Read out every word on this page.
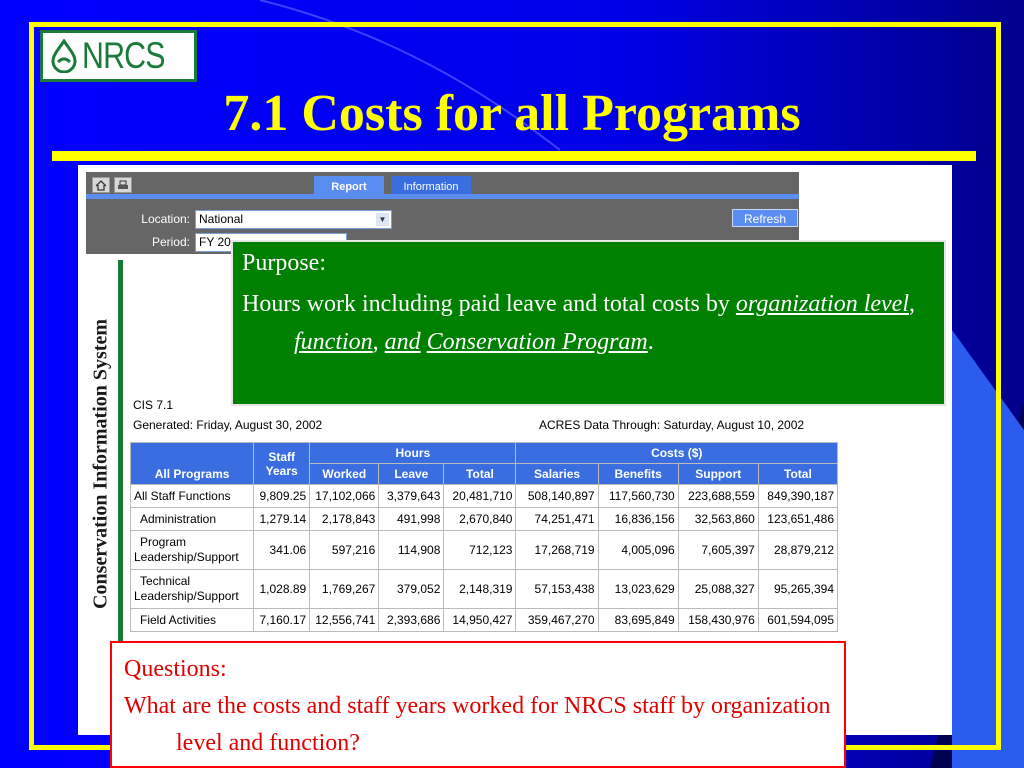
NRCS
7.1 Costs for all Programs
Report	Information
Location: National	▼
Period: FY 20
Refresh
Conservation Information System CIS 7.1
Generated: Friday, August 30, 2002	ACRES Data Through: Saturday, August 10, 2002
All Programs	Staff
Years	Hours			Costs ($)			
		Worked	Leave	Total	Salaries	Benefits	Support	Total
All Staff Functions	9,809.25	17,102,066	3,379,643	20,481,710	508,140,897	117,560,730	223,688,559	849,390,187
Administration	1,279.14	2,178,843	491,998	2,670,840	74,251,471	16,836,156	32,563,860	123,651,486
Program
Leadership/Support	341.06	597,216	114,908	712,123	17,268,719	4,005,096	7,605,397	28,879,212
Technical
Leadership/Support	1,028.89	1,769,267	379,052	2,148,319	57,153,438	13,023,629	25,088,327	95,265,394
Field Activities	7,160.17	12,556,741	2,393,686	14,950,427	359,467,270	83,695,849	158,430,976	601,594,095

Purpose:

Hours work including paid leave and total costs by organization level, function, and Conservation Program.

Questions:

What are the costs and staff years worked for NRCS staff by organization level and function?
